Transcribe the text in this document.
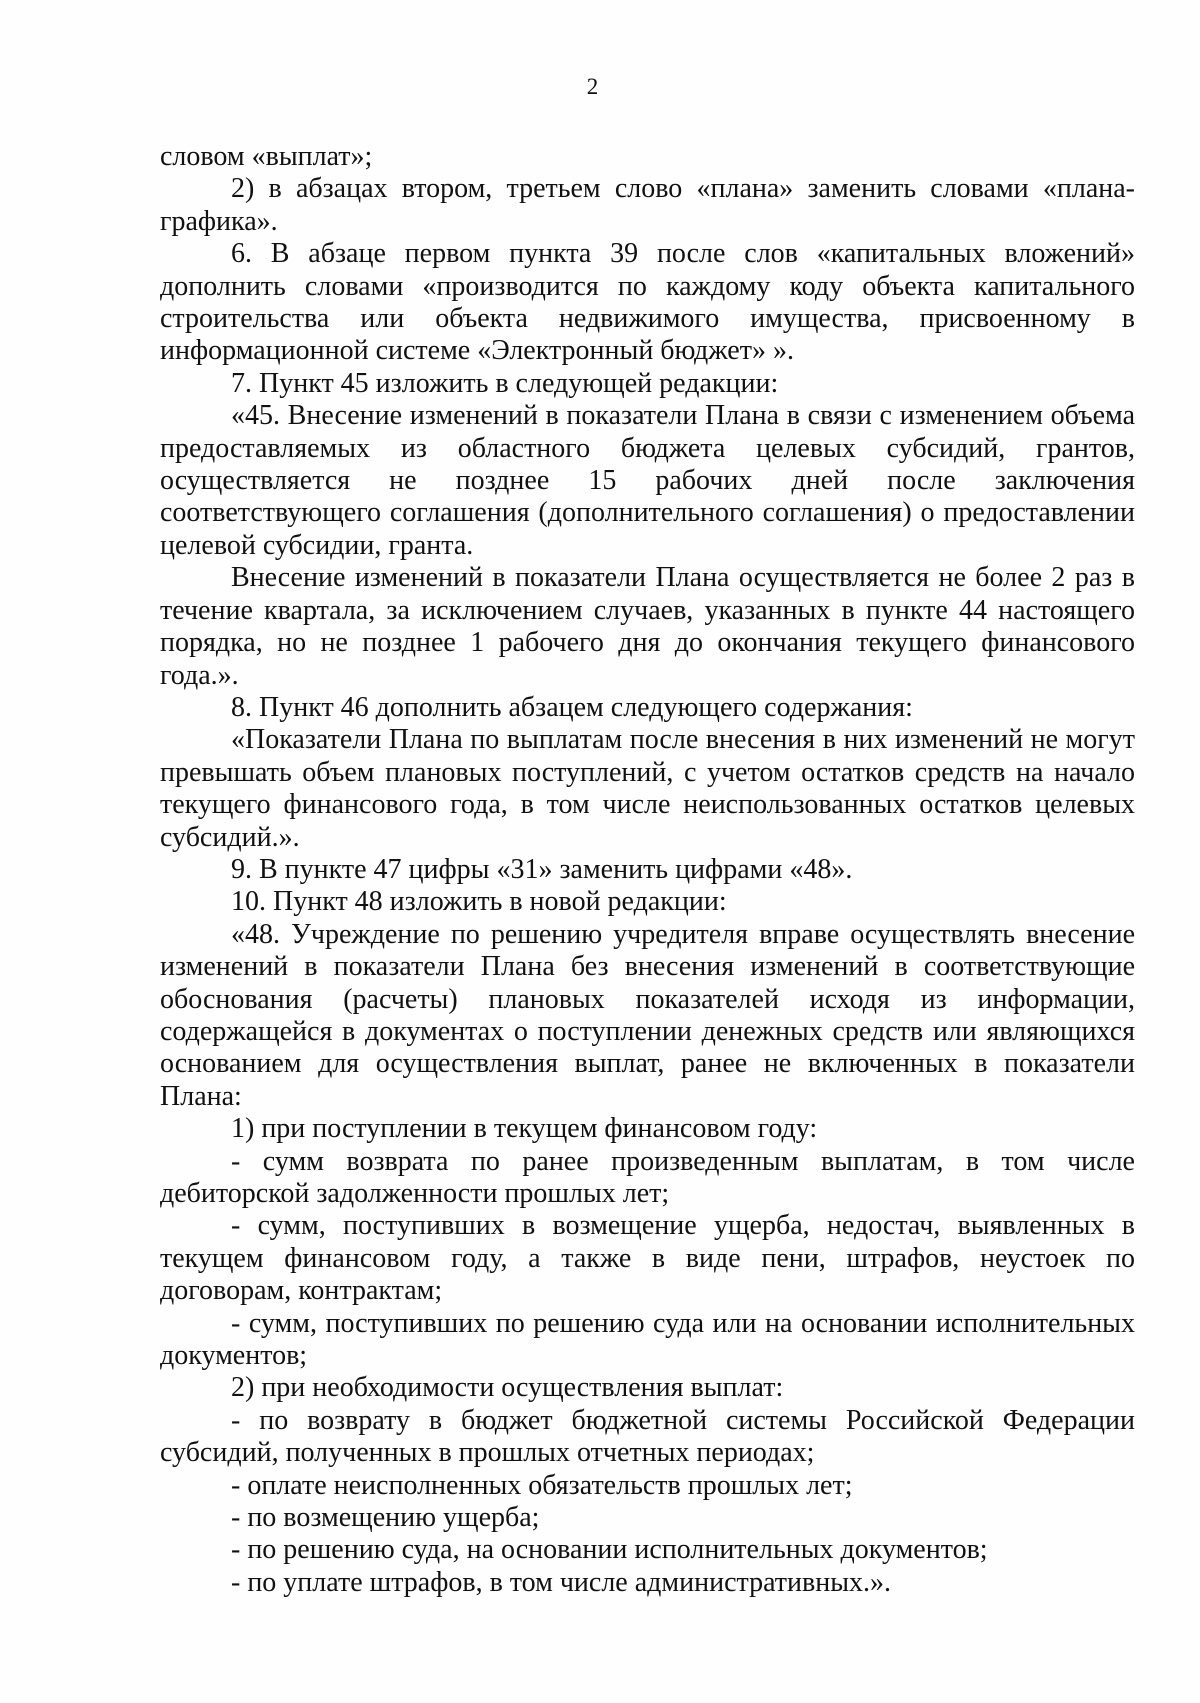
2

словом «выплат»;

2) в абзацах втором, третьем слово «плана» заменить словами «плана-графика».

6. В абзаце первом пункта 39 после слов «капитальных вложений» дополнить словами «производится по каждому коду объекта капитального строительства или объекта недвижимого имущества, присвоенному в информационной системе «Электронный бюджет» ».

7. Пункт 45 изложить в следующей редакции:

«45. Внесение изменений в показатели Плана в связи с изменением объема предоставляемых из областного бюджета целевых субсидий, грантов, осуществляется не позднее 15 рабочих дней после заключения соответствующего соглашения (дополнительного соглашения) о предоставлении целевой субсидии, гранта.

Внесение изменений в показатели Плана осуществляется не более 2 раз в течение квартала, за исключением случаев, указанных в пункте 44 настоящего порядка, но не позднее 1 рабочего дня до окончания текущего финансового года.».

8. Пункт 46 дополнить абзацем следующего содержания:

«Показатели Плана по выплатам после внесения в них изменений не могут превышать объем плановых поступлений, с учетом остатков средств на начало текущего финансового года, в том числе неиспользованных остатков целевых субсидий.».

9. В пункте 47 цифры «31» заменить цифрами «48».

10. Пункт 48 изложить в новой редакции:

«48. Учреждение по решению учредителя вправе осуществлять внесение изменений в показатели Плана без внесения изменений в соответствующие обоснования (расчеты) плановых показателей исходя из информации, содержащейся в документах о поступлении денежных средств или являющихся основанием для осуществления выплат, ранее не включенных в показатели Плана:

1) при поступлении в текущем финансовом году:

- сумм возврата по ранее произведенным выплатам, в том числе дебиторской задолженности прошлых лет;

- сумм, поступивших в возмещение ущерба, недостач, выявленных в текущем финансовом году, а также в виде пени, штрафов, неустоек по договорам, контрактам;

- сумм, поступивших по решению суда или на основании исполнительных документов;

2) при необходимости осуществления выплат:

- по возврату в бюджет бюджетной системы Российской Федерации субсидий, полученных в прошлых отчетных периодах;

- оплате неисполненных обязательств прошлых лет;

- по возмещению ущерба;

- по решению суда, на основании исполнительных документов;

- по уплате штрафов, в том числе административных.».
